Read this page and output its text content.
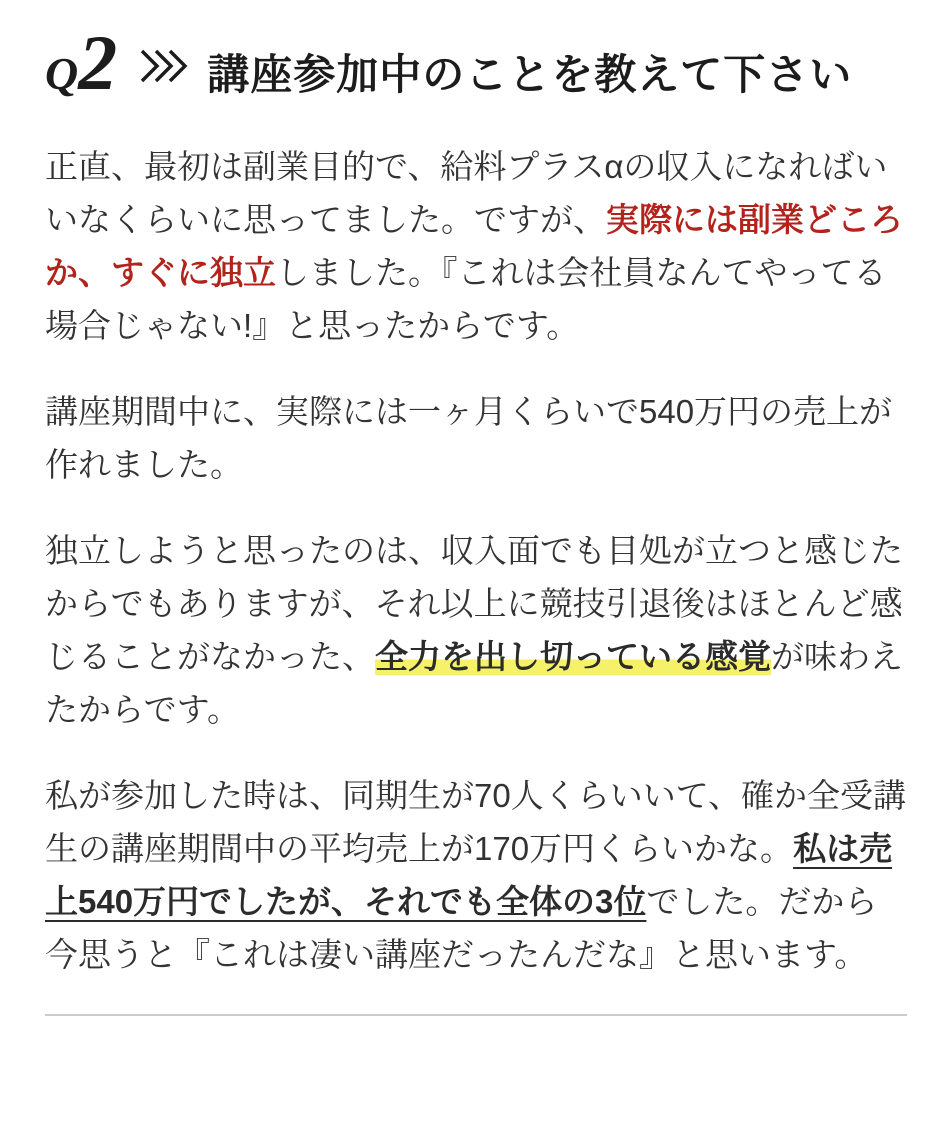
Q 2 講座参加中のことを教えて下さい

正直、最初は副業目的で、給料プラスαの収入になればいいなくらいに思ってました。ですが、実際には副業どころか、すぐに独立しました。『これは会社員なんてやってる場合じゃない!』と思ったからです。

講座期間中に、実際には一ヶ月くらいで540万円の売上が作れました。

独立しようと思ったのは、収入面でも目処が立つと感じたからでもありますが、それ以上に競技引退後はほとんど感じることがなかった、全力を出し切っている感覚が味わえたからです。

私が参加した時は、同期生が70人くらいいて、確か全受講生の講座期間中の平均売上が170万円くらいかな。私は売上540万円でしたが、それでも全体の3位でした。だから今思うと『これは凄い講座だったんだな』と思います。
